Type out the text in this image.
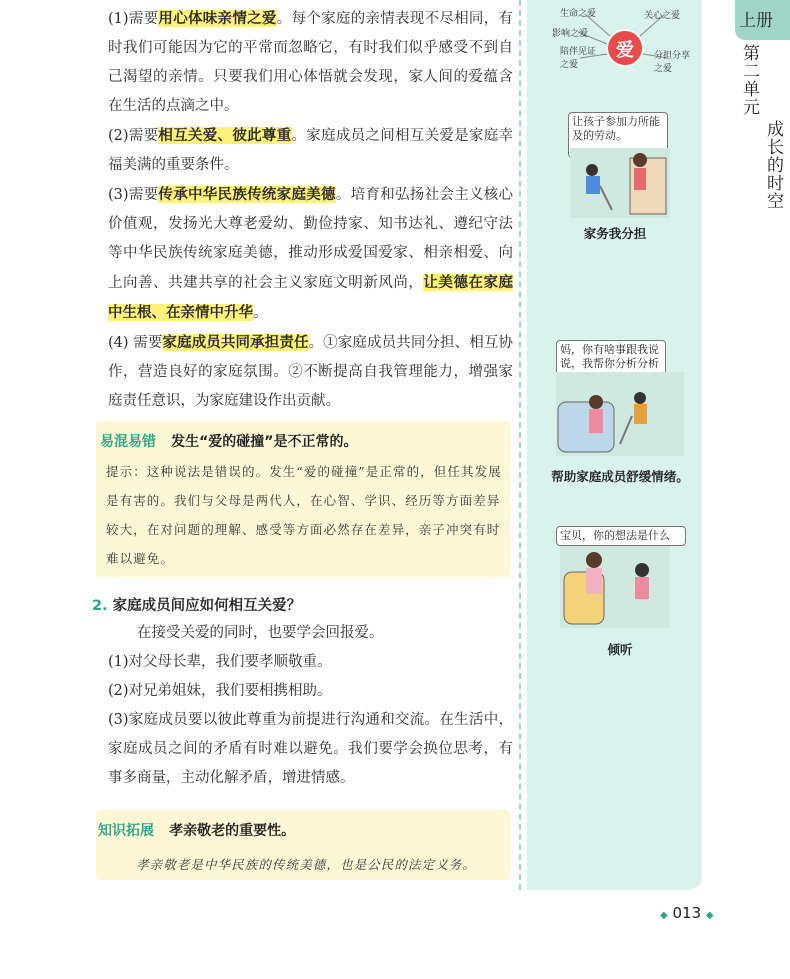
(1)需要用心体味亲情之爱。每个家庭的亲情表现不尽相同，有时我们可能因为它的平常而忽略它，有时我们似乎感受不到自己渴望的亲情。只要我们用心体悟就会发现，家人间的爱蕴含在生活的点滴之中。

(2)需要相互关爱、彼此尊重。家庭成员之间相互关爱是家庭幸福美满的重要条件。

(3)需要传承中华民族传统家庭美德。培育和弘扬社会主义核心价值观，发扬光大尊老爱幼、勤俭持家、知书达礼、遵纪守法等中华民族传统家庭美德，推动形成爱国爱家、相亲相爱、向上向善、共建共享的社会主义家庭文明新风尚，让美德在家庭中生根、在亲情中升华。

(4) 需要家庭成员共同承担责任。①家庭成员共同分担、相互协作，营造良好的家庭氛围。②不断提高自我管理能力，增强家庭责任意识，为家庭建设作出贡献。

易混易错 发生“爱的碰撞”是不正常的。
提示：这种说法是错误的。发生“爱的碰撞”是正常的，但任其发展是有害的。我们与父母是两代人，在心智、学识、经历等方面差异较大，在对问题的理解、感受等方面必然存在差异，亲子冲突有时难以避免。
2. 家庭成员间应如何相互关爱？

在接受关爱的同时，也要学会回报爱。

(1)对父母长辈，我们要孝顺敬重。

(2)对兄弟姐妹，我们要相携相助。

(3)家庭成员要以彼此尊重为前提进行沟通和交流。在生活中，家庭成员之间的矛盾有时难以避免。我们要学会换位思考，有事多商量，主动化解矛盾，增进情感。

知识拓展 孝亲敬老的重要性。
孝亲敬老是中华民族的传统美德，也是公民的法定义务。
爱
生命之爱	关心之爱
影响之爱
陪伴见证之爱
分担分享之爱
让孩子参加力所能及的劳动。
家务我分担
妈，你有啥事跟我说说，我帮你分析分析
帮助家庭成员舒缓情绪。
宝贝，你的想法是什么
倾听
上册
第二单元
成长的时空
◆ 013 ◆
